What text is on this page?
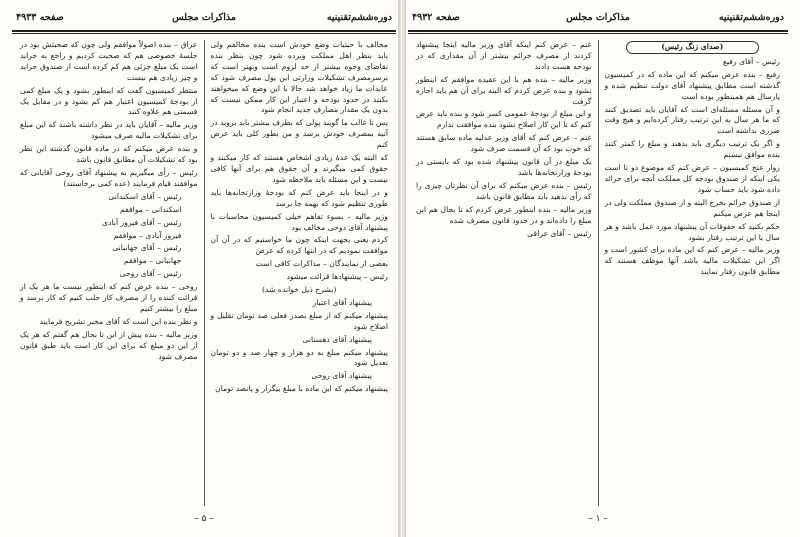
دوره‌ششم‌تقنینیه
مذاکرات مجلس
صفحه ۴۹۳۳

مخالف با حیثیات وضع خودش است بنده مخالفم ولی باید بنظر اهل مملکت وبرده شود چون بنظر بنده تقاضای وجوه بیشتر از حد لزوم است وبهتر است که برسرمصرف تشکیلات وزارتی این پول مصرف شود که عایدات ما زیاد خواهد شد حالا با این وضع که میخواهند بکنند در حدود بودجه و اعتبار این کار ممکن نیست که بدون یک مقدار مصارف جدید انجام شود

پس تا غالب ما گویند پولی که بطرف بیشتر باید بروید در آتیه بمصرف خودش برسد و من بطور کلی باید عرض کنم

که البته یک عدۀ زیادی اشخاص هستند که کار میکنند و حقوق کمی میگیرند و آن حقوق هم برای آنها کافی نیست و این مسئله باید ملاحظه شود

و در اینجا باید عرض کنم که بودجۀ وزارتخانه‌ها باید طوری تنظیم شود که بهمه جا برسد

وزیر مالیه – بسوء تفاهم خیلی کمیسیون محاسبات با پیشنهاد آقای دوحی مخالف بود

کردم یعنی بجهت اینکه چون ما خواستیم که در آن آن موافقت نمودیم که در انتها کرده که عرض

بعضی از نمایندگان – مذاکرات کافی است

رئیس – پیشنهادها قرائت میشود

(بشرح ذیل خوانده شد)

پیشنهاد آقای اعتبار

پیشنهاد میکنم که از مبلغ بصدر فعلی صد تومان تقلیل و اصلاح شود

پیشنهاد آقای دهستانی

پیشنهاد میکنم مبلغ به دو هزار و چهار صد و دو تومان تعدیل شود

پیشنهاد آقای روحی

پیشنهاد میکنم که این ماده با مبلغ بیگزار و پانصد تومان

عراق – بنده اصولاً موافقم ولی چون که صحبتش بود در جلسۀ خصوصی هم که صحبت کردیم و راجع به جراید است یک مبلغ جزئی هم کم کرده است از صندوق جراید و چیز زیادی هم نیست

منتظر کمیسیون گفت که اینطور بشود و یک مبلغ کمی از بودجۀ کمیسیون اعتبار هم کم بشود و در مقابل یک قسمتی هم علاوه کنند

وزیر مالیه – آقایان باید در نظر داشته باشند که این مبلغ برای تشکیلات مالیه صرف میشود

و بنده عرض میکنم که در ماده قانون گذشته این نظر بود که تشکیلات آن مطابق قانون باشد

رئیس – رأی میگیریم به پیشنهاد آقای روحی آقایانی که موافقند قیام فرمایند (عده کمی برخاستند)

رئیس – آقای اسکندانی

اسکندانی – موافقم

رئیس – آقای فیروز آبادی

فیروز آبادی – موافقم

رئیس – آقای جهانبانی

جهانبانی – موافقم

رئیس – آقای روحی

روحی – بنده عرض کنم که اینطور نیست ما هر یک از قرائت کننده را از مصرف کار جلب کنیم که کار برسد و مبلغ را بیشتر کنیم

و نظر بنده این است که آقای مخبر تشریح فرمایند

وزیر مالیه – بنده پیش از این تا بحال هم گفتم که هر یک از این دو مبلغ که برای این کار است باید طبق قانون مصرف شود

– ۵ –
دوره‌ششم‌تقنینیه
مذاکرات مجلس
صفحه ۴۹۳۲
(صدای زنگ رئیس)

رئیس – آقای رفیع

رفیع – بنده عرض میکنم که این ماده که در کمیسیون گذشته است مطابق پیشنهاد آقای دولت تنظیم شده و پارسال هم همینطور بوده است

و آن مسئله مسئله‌ای است که آقایان باید تصدیق کنند که ما هر سال به این ترتیب رفتار کرده‌ایم و هیچ وقت ضرری نداشته است

و اگر یک ترتیب دیگری باید بدهند و مبلغ را کمتر کنند بنده موافق نیستم

زوار عنج کمیسیون – عرض کنم که موضوع دو تا است یکی اینکه از صندوق بودجه کل مملکت آنچه برای جرائد داده شود باید حساب شود

از صندوق جرائم بخرج البته و از صندوق مملکت ولی در اینجا هم عرض میکنم

حکم بکنید که حقوقات آن پیشنهاد مورد عمل باشد و هر سال با این ترتیب رفتار بشود

وزیر مالیه – عرض کنم که این ماده برای کشور است و اگر این تشکیلات مالیه باشد آنها موظف هستند که مطابق قانون رفتار نمایند

غنم – عرض کنم اینکه آقای وزیر مالیه اینجا پیشنهاد کردند از مصرف جرائم بیشتر از آن مقداری که در بودجه هست دادند

وزیر مالیه – بنده هم با این عقیده موافقم که اینطور نشود و بنده عرض کردم که البته برای آن هم باید اجازه گرفت

و این مبلغ از بودجۀ عمومی کسر شود و بنده باید عرض کنم که تا این کار اصلاح نشود بنده موافقت ندارم

غنم – عرض کنم که آقای وزیر عدلیه ماده سابق هستند که خوب بود که آن قسمت صرف شود

یک مبلغ در آن قانون پیشنهاد شده بود که بایستی در بودجۀ وزارتخانه‌ها باشد

رئیس – بنده عرض میکنم که برای آن نظرتان چیزی را که رأی بدهید باید مطابق قانون باشد

وزیر مالیه – بنده اینطور عرض کردم که تا بحال هم این مبلغ را داده‌اند و در حدود قانون مصرف شده

رئیس – آقای عراقی

– ۱ –
